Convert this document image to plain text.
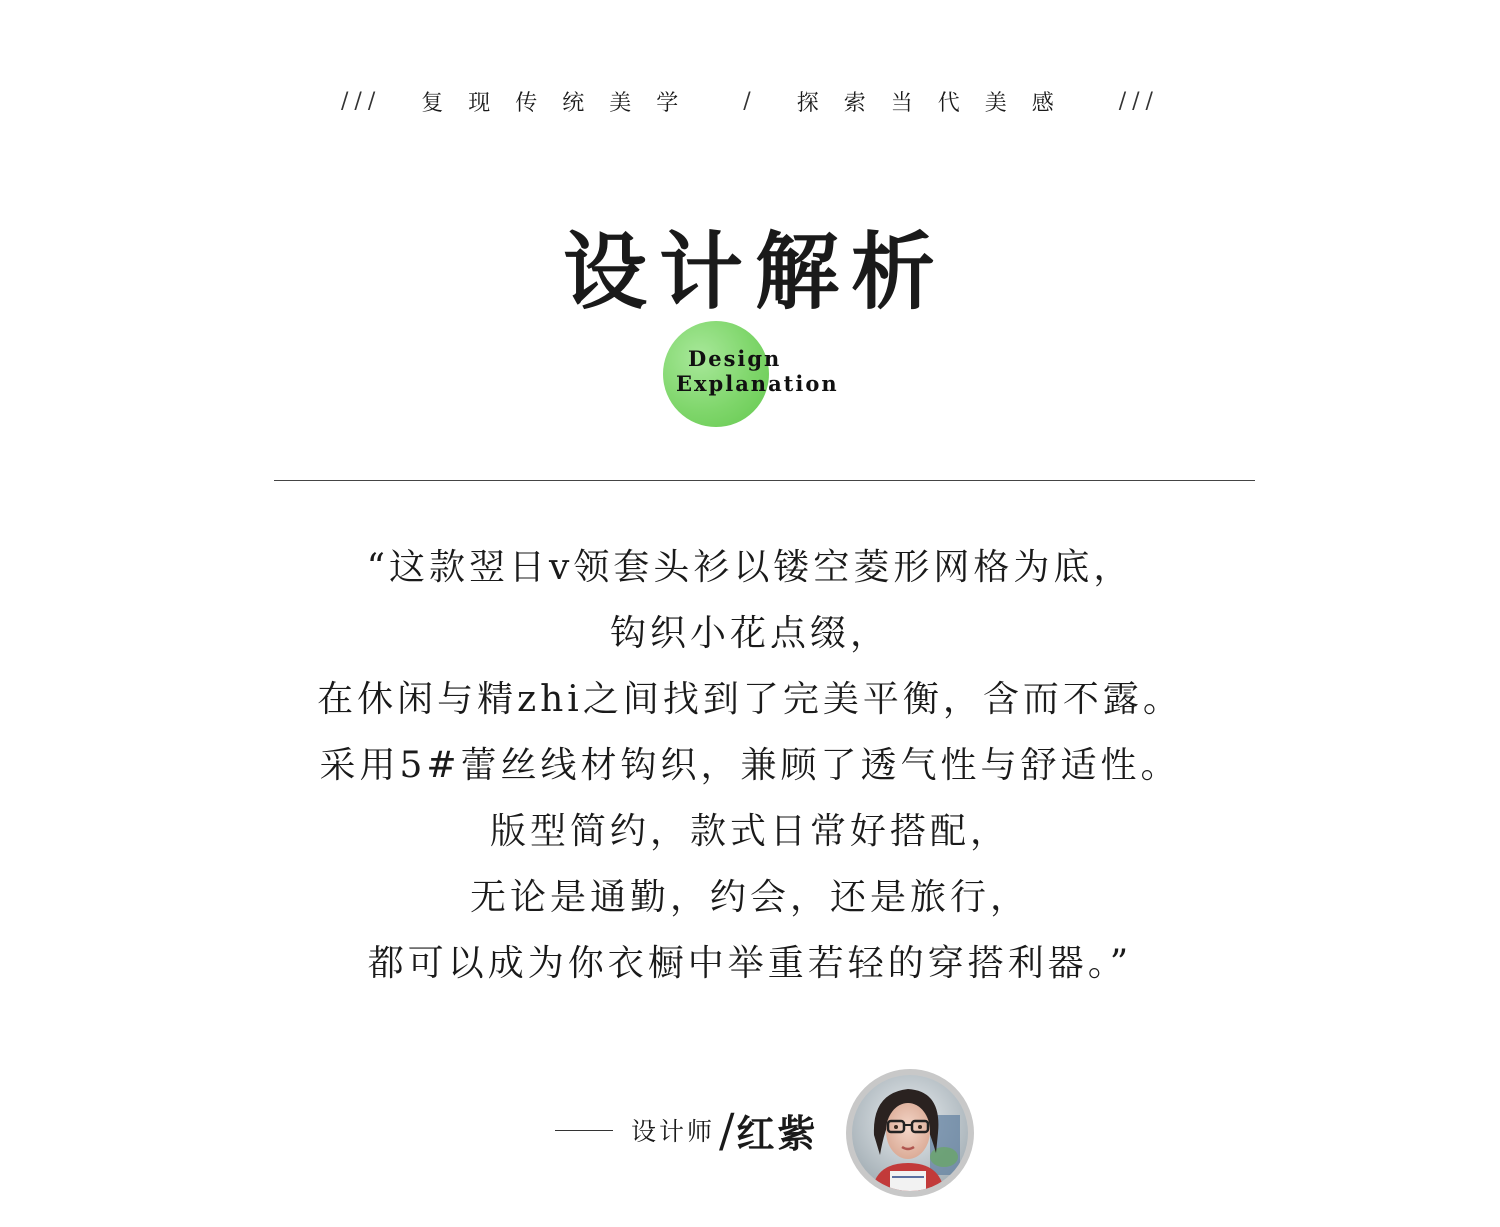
/// 复现传统美学 / 探索当代美感 ///
设计解析
Design
Explanation
“这款翌日v领套头衫以镂空菱形网格为底，
钩织小花点缀，
在休闲与精zhi之间找到了完美平衡，含而不露。
采用5#蕾丝线材钩织，兼顾了透气性与舒适性。
版型简约，款式日常好搭配，
无论是通勤，约会，还是旅行，
都可以成为你衣橱中举重若轻的穿搭利器。”
设计师 / 红紫
